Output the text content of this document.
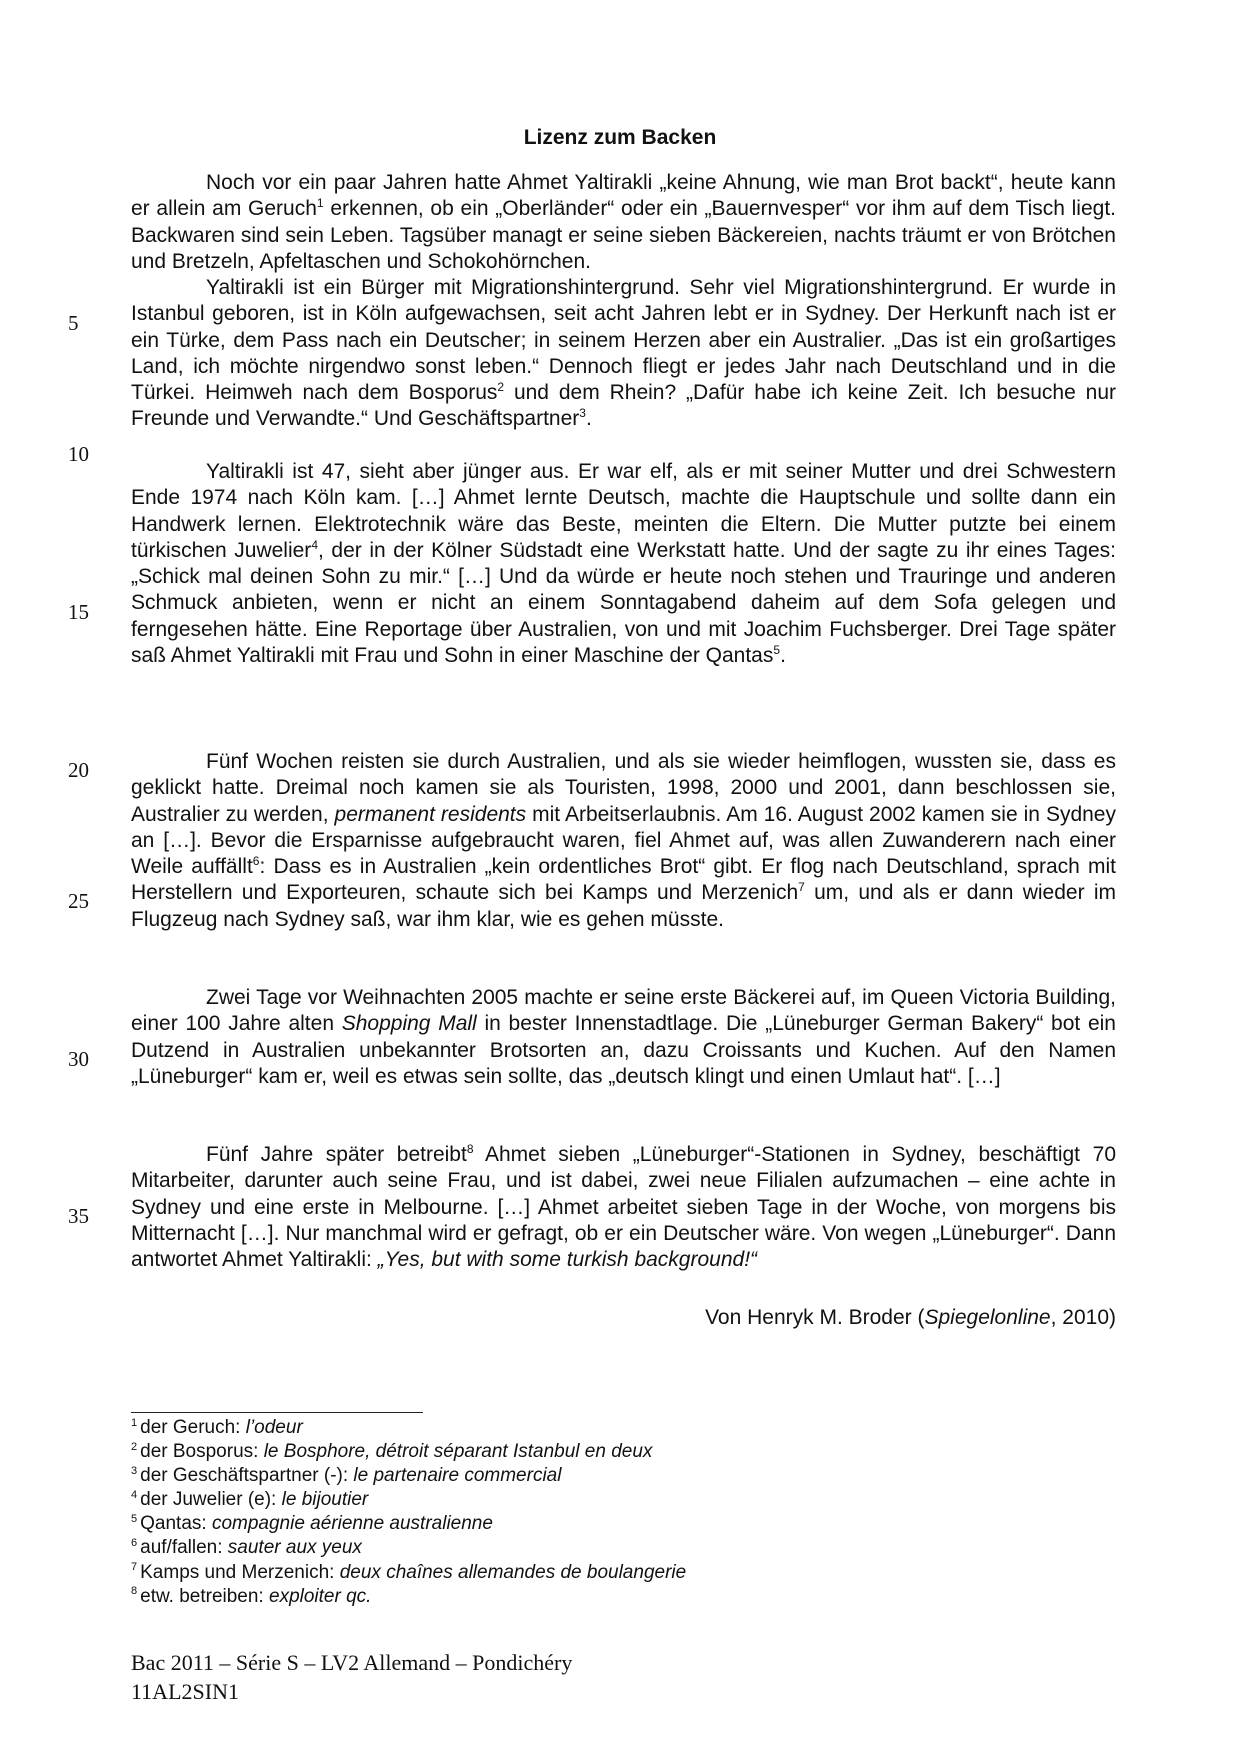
Lizenz zum Backen

Noch vor ein paar Jahren hatte Ahmet Yaltirakli „keine Ahnung, wie man Brot backt“, heute kann er allein am Geruch$^1$ erkennen, ob ein „Oberländer“ oder ein „Bauernvesper“ vor ihm auf dem Tisch liegt. Backwaren sind sein Leben. Tagsüber managt er seine sieben Bäckereien, nachts träumt er von Brötchen und Bretzeln, Apfeltaschen und Schokohörnchen.

Yaltirakli ist ein Bürger mit Migrationshintergrund. Sehr viel Migrationshintergrund. Er wurde in Istanbul geboren, ist in Köln aufgewachsen, seit acht Jahren lebt er in Sydney. Der Herkunft nach ist er ein Türke, dem Pass nach ein Deutscher; in seinem Herzen aber ein Australier. „Das ist ein großartiges Land, ich möchte nirgendwo sonst leben.“ Dennoch fliegt er jedes Jahr nach Deutschland und in die Türkei. Heimweh nach dem Bosporus$^2$ und dem Rhein? „Dafür habe ich keine Zeit. Ich besuche nur Freunde und Verwandte.“ Und Geschäftspartner$^3$.

Yaltirakli ist 47, sieht aber jünger aus. Er war elf, als er mit seiner Mutter und drei Schwestern Ende 1974 nach Köln kam. […] Ahmet lernte Deutsch, machte die Hauptschule und sollte dann ein Handwerk lernen. Elektrotechnik wäre das Beste, meinten die Eltern. Die Mutter putzte bei einem türkischen Juwelier$^4$, der in der Kölner Südstadt eine Werkstatt hatte. Und der sagte zu ihr eines Tages: „Schick mal deinen Sohn zu mir.“ […] Und da würde er heute noch stehen und Trauringe und anderen Schmuck anbieten, wenn er nicht an einem Sonntagabend daheim auf dem Sofa gelegen und ferngesehen hätte. Eine Reportage über Australien, von und mit Joachim Fuchsberger. Drei Tage später saß Ahmet Yaltirakli mit Frau und Sohn in einer Maschine der Qantas$^5$.

Fünf Wochen reisten sie durch Australien, und als sie wieder heimflogen, wussten sie, dass es geklickt hatte. Dreimal noch kamen sie als Touristen, 1998, 2000 und 2001, dann beschlossen sie, Australier zu werden, permanent residents mit Arbeitserlaubnis. Am 16. August 2002 kamen sie in Sydney an […]. Bevor die Ersparnisse aufgebraucht waren, fiel Ahmet auf, was allen Zuwanderern nach einer Weile auffällt$^6$: Dass es in Australien „kein ordentliches Brot“ gibt. Er flog nach Deutschland, sprach mit Herstellern und Exporteuren, schaute sich bei Kamps und Merzenich$^7$ um, und als er dann wieder im Flugzeug nach Sydney saß, war ihm klar, wie es gehen müsste.

Zwei Tage vor Weihnachten 2005 machte er seine erste Bäckerei auf, im Queen Victoria Building, einer 100 Jahre alten Shopping Mall in bester Innenstadtlage. Die „Lüneburger German Bakery“ bot ein Dutzend in Australien unbekannter Brotsorten an, dazu Croissants und Kuchen. Auf den Namen „Lüneburger“ kam er, weil es etwas sein sollte, das „deutsch klingt und einen Umlaut hat“. […]

Fünf Jahre später betreibt$^8$ Ahmet sieben „Lüneburger“-Stationen in Sydney, beschäftigt 70 Mitarbeiter, darunter auch seine Frau, und ist dabei, zwei neue Filialen aufzumachen – eine achte in Sydney und eine erste in Melbourne. […] Ahmet arbeitet sieben Tage in der Woche, von morgens bis Mitternacht […]. Nur manchmal wird er gefragt, ob er ein Deutscher wäre. Von wegen „Lüneburger“. Dann antwortet Ahmet Yaltirakli: „Yes, but with some turkish background!“

5
10
15
20
25
30
35
Von Henryk M. Broder (Spiegelonline, 2010)
$^1$ der Geruch: l’odeur
$^2$ der Bosporus: le Bosphore, détroit séparant Istanbul en deux
$^3$ der Geschäftspartner (-): le partenaire commercial
$^4$ der Juwelier (e): le bijoutier
$^5$ Qantas: compagnie aérienne australienne
$^6$ auf/fallen: sauter aux yeux
$^7$ Kamps und Merzenich: deux chaînes allemandes de boulangerie
$^8$ etw. betreiben: exploiter qc.
Bac 2011 – Série S – LV2 Allemand – Pondichéry
11AL2SIN1
